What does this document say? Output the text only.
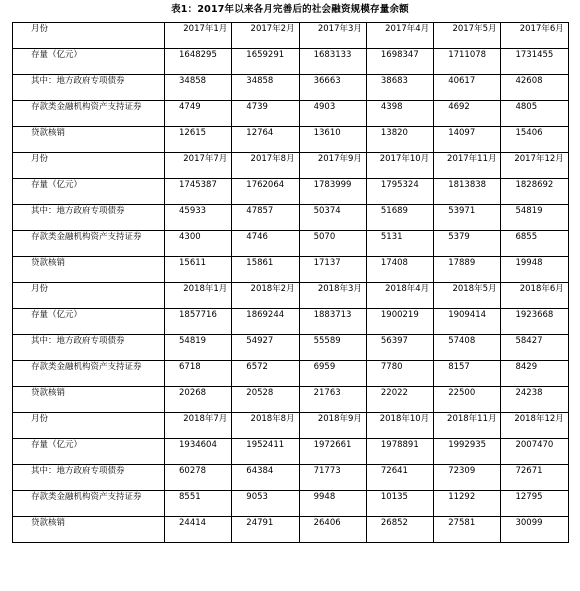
表1：2017年以来各月完善后的社会融资规模存量余额
月份	2017年1月	2017年2月	2017年3月	2017年4月	2017年5月	2017年6月
存量（亿元）	1648295	1659291	1683133	1698347	1711078	1731455
其中：地方政府专项债券	34858	34858	36663	38683	40617	42608
存款类金融机构资产支持证券	4749	4739	4903	4398	4692	4805
贷款核销	12615	12764	13610	13820	14097	15406
月份	2017年7月	2017年8月	2017年9月	2017年10月	2017年11月	2017年12月
存量（亿元）	1745387	1762064	1783999	1795324	1813838	1828692
其中：地方政府专项债券	45933	47857	50374	51689	53971	54819
存款类金融机构资产支持证券	4300	4746	5070	5131	5379	6855
贷款核销	15611	15861	17137	17408	17889	19948
月份	2018年1月	2018年2月	2018年3月	2018年4月	2018年5月	2018年6月
存量（亿元）	1857716	1869244	1883713	1900219	1909414	1923668
其中：地方政府专项债券	54819	54927	55589	56397	57408	58427
存款类金融机构资产支持证券	6718	6572	6959	7780	8157	8429
贷款核销	20268	20528	21763	22022	22500	24238
月份	2018年7月	2018年8月	2018年9月	2018年10月	2018年11月	2018年12月
存量（亿元）	1934604	1952411	1972661	1978891	1992935	2007470
其中：地方政府专项债券	60278	64384	71773	72641	72309	72671
存款类金融机构资产支持证券	8551	9053	9948	10135	11292	12795
贷款核销	24414	24791	26406	26852	27581	30099
